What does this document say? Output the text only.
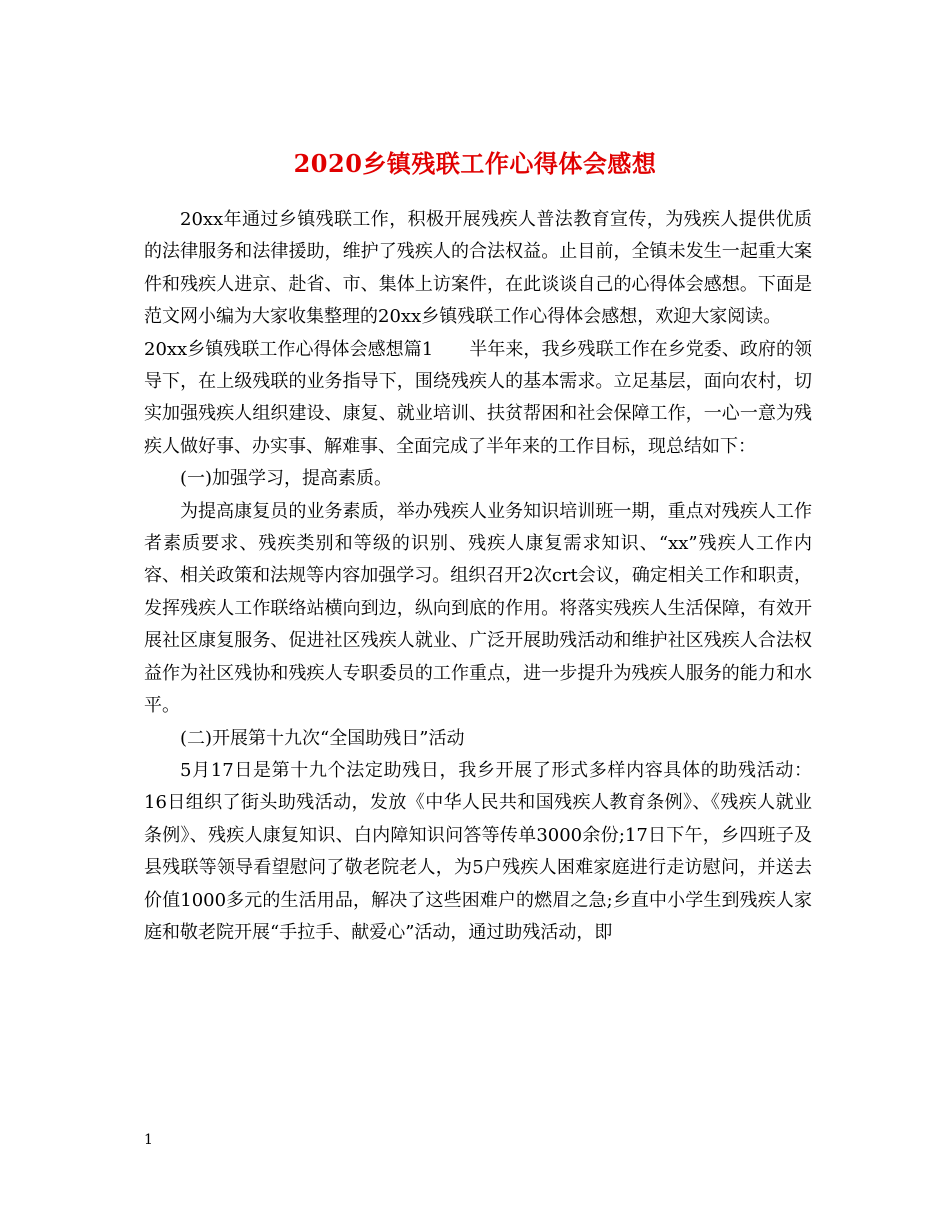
2020乡镇残联工作心得体会感想

20xx年通过乡镇残联工作，积极开展残疾人普法教育宣传，为残疾人提供优质的法律服务和法律援助，维护了残疾人的合法权益。止目前，全镇未发生一起重大案件和残疾人进京、赴省、市、集体上访案件，在此谈谈自己的心得体会感想。下面是范文网小编为大家收集整理的20xx乡镇残联工作心得体会感想，欢迎大家阅读。

20xx乡镇残联工作心得体会感想篇1　　半年来，我乡残联工作在乡党委、政府的领导下，在上级残联的业务指导下，围绕残疾人的基本需求。立足基层，面向农村，切实加强残疾人组织建设、康复、就业培训、扶贫帮困和社会保障工作，一心一意为残疾人做好事、办实事、解难事、全面完成了半年来的工作目标，现总结如下：

(一)加强学习，提高素质。

为提高康复员的业务素质，举办残疾人业务知识培训班一期，重点对残疾人工作者素质要求、残疾类别和等级的识别、残疾人康复需求知识、“xx”残疾人工作内容、相关政策和法规等内容加强学习。组织召开2次crt会议，确定相关工作和职责，发挥残疾人工作联络站横向到边，纵向到底的作用。将落实残疾人生活保障，有效开展社区康复服务、促进社区残疾人就业、广泛开展助残活动和维护社区残疾人合法权益作为社区残协和残疾人专职委员的工作重点，进一步提升为残疾人服务的能力和水平。

(二)开展第十九次“全国助残日”活动

5月17日是第十九个法定助残日，我乡开展了形式多样内容具体的助残活动：16日组织了街头助残活动，发放《中华人民共和国残疾人教育条例》、《残疾人就业条例》、残疾人康复知识、白内障知识问答等传单3000余份;17日下午，乡四班子及县残联等领导看望慰问了敬老院老人，为5户残疾人困难家庭进行走访慰问，并送去价值1000多元的生活用品，解决了这些困难户的燃眉之急;乡直中小学生到残疾人家庭和敬老院开展“手拉手、献爱心”活动，通过助残活动，即

1
